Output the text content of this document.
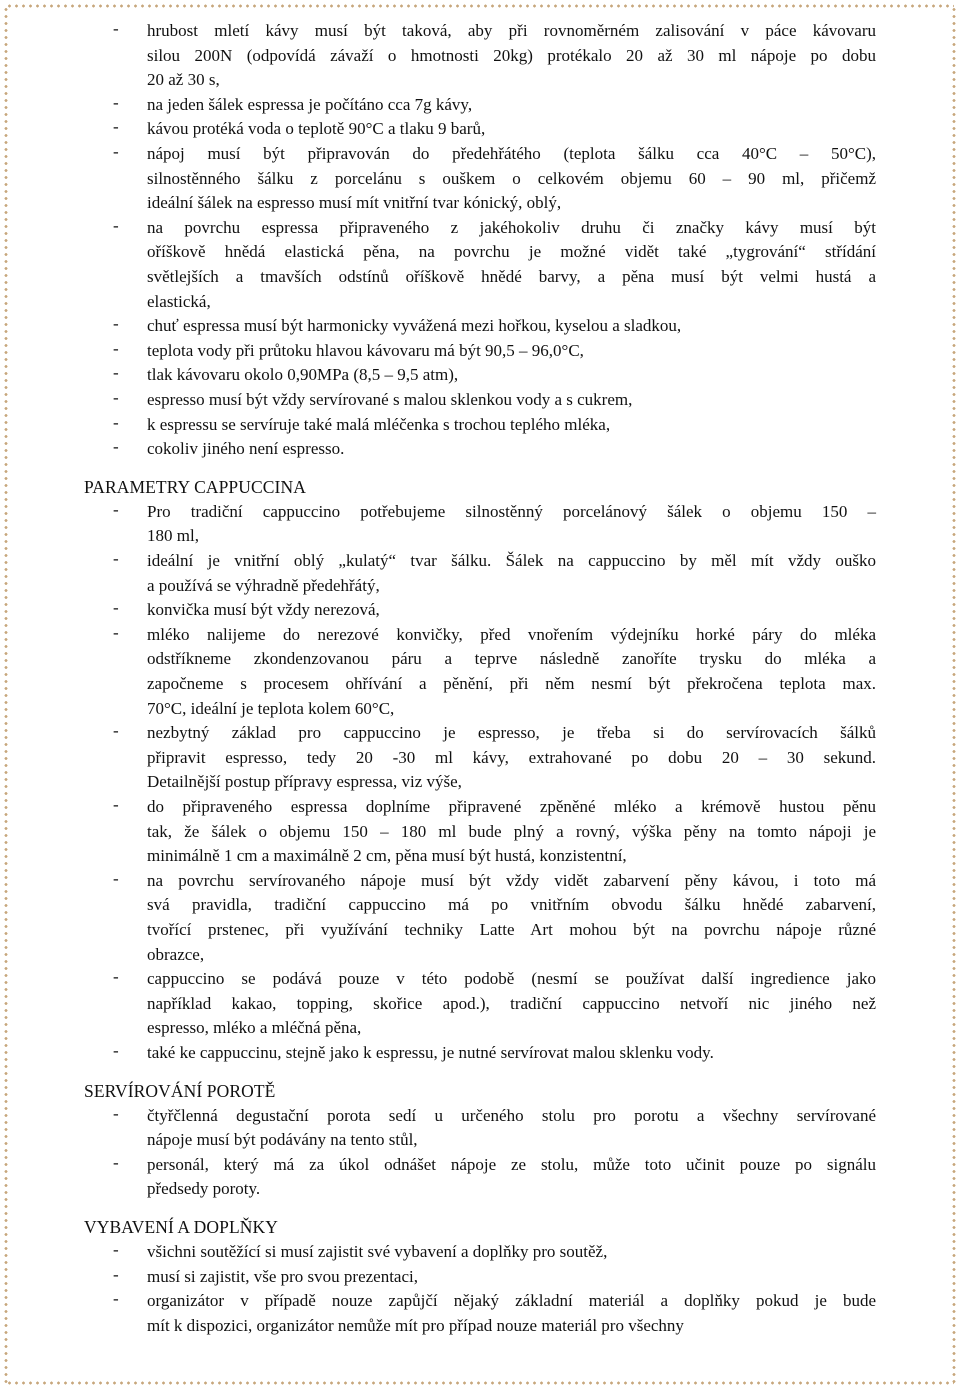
- hrubost mletí kávy musí být taková, aby při rovnoměrném zalisování v páce kávovaru
silou 200N (odpovídá závaží o hmotnosti 20kg) protékalo 20 až 30 ml nápoje po dobu
20 až 30 s,
- na jeden šálek espressa je počítáno cca 7g kávy,
- kávou protéká voda o teplotě 90°C a tlaku 9 barů,
- nápoj musí být připravován do předehřátého (teplota šálku cca 40°C – 50°C),
silnostěnného šálku z porcelánu s ouškem o celkovém objemu 60 – 90 ml, přičemž
ideální šálek na espresso musí mít vnitřní tvar kónický, oblý,
- na povrchu espressa připraveného z jakéhokoliv druhu či značky kávy musí být
oříškově hnědá elastická pěna, na povrchu je možné vidět také „tygrování“ střídání
světlejších a tmavších odstínů oříškově hnědé barvy, a pěna musí být velmi hustá a
elastická,
- chuť espressa musí být harmonicky vyvážená mezi hořkou, kyselou a sladkou,
- teplota vody při průtoku hlavou kávovaru má být 90,5 – 96,0°C,
- tlak kávovaru okolo 0,90MPa (8,5 – 9,5 atm),
- espresso musí být vždy servírované s malou sklenkou vody a s cukrem,
- k espressu se servíruje také malá mléčenka s trochou teplého mléka,
- cokoliv jiného není espresso.
PARAMETRY CAPPUCCINA
- Pro tradiční cappuccino potřebujeme silnostěnný porcelánový šálek o objemu 150 –
180 ml,
- ideální je vnitřní oblý „kulatý“ tvar šálku. Šálek na cappuccino by měl mít vždy ouško
a používá se výhradně předehřátý,
- konvička musí být vždy nerezová,
- mléko nalijeme do nerezové konvičky, před vnořením výdejníku horké páry do mléka
odstříkneme zkondenzovanou páru a teprve následně zanoříte trysku do mléka a
započneme s procesem ohřívání a pěnění, při něm nesmí být překročena teplota max.
70°C, ideální je teplota kolem 60°C,
- nezbytný základ pro cappuccino je espresso, je třeba si do servírovacích šálků
připravit espresso, tedy 20 -30 ml kávy, extrahované po dobu 20 – 30 sekund.
Detailnější postup přípravy espressa, viz výše,
- do připraveného espressa doplníme připravené zpěněné mléko a krémově hustou pěnu
tak, že šálek o objemu 150 – 180 ml bude plný a rovný, výška pěny na tomto nápoji je
minimálně 1 cm a maximálně 2 cm, pěna musí být hustá, konzistentní,
- na povrchu servírovaného nápoje musí být vždy vidět zabarvení pěny kávou, i toto má
svá pravidla, tradiční cappuccino má po vnitřním obvodu šálku hnědé zabarvení,
tvořící prstenec, při využívání techniky Latte Art mohou být na povrchu nápoje různé
obrazce,
- cappuccino se podává pouze v této podobě (nesmí se používat další ingredience jako
například kakao, topping, skořice apod.), tradiční cappuccino netvoří nic jiného než
espresso, mléko a mléčná pěna,
- také ke cappuccinu, stejně jako k espressu, je nutné servírovat malou sklenku vody.
SERVÍROVÁNÍ POROTĚ
- čtyřčlenná degustační porota sedí u určeného stolu pro porotu a všechny servírované
nápoje musí být podávány na tento stůl,
- personál, který má za úkol odnášet nápoje ze stolu, může toto učinit pouze po signálu
předsedy poroty.
VYBAVENÍ A DOPLŇKY
- všichni soutěžící si musí zajistit své vybavení a doplňky pro soutěž,
- musí si zajistit, vše pro svou prezentaci,
- organizátor v případě nouze zapůjčí nějaký základní materiál a doplňky pokud je bude
mít k dispozici, organizátor nemůže mít pro případ nouze materiál pro všechny
